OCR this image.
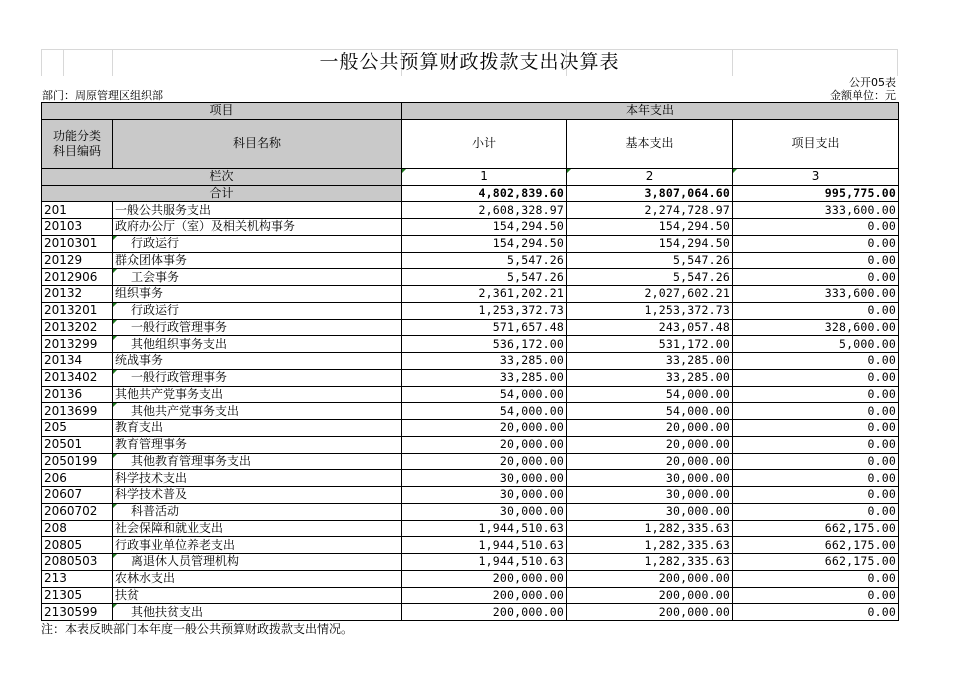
一般公共预算财政拨款支出决算表
公开05表
部门：周原管理区组织部	金额单位：元
项目		本年支出		
功能分类
科目编码	科目名称	小计	基本支出	项目支出
栏次		1	2	3
合计		4,802,839.60	3,807,064.60	995,775.00
201	一般公共服务支出	2,608,328.97	2,274,728.97	333,600.00
20103	政府办公厅（室）及相关机构事务	154,294.50	154,294.50	0.00
2010301	行政运行	154,294.50	154,294.50	0.00
20129	群众团体事务	5,547.26	5,547.26	0.00
2012906	工会事务	5,547.26	5,547.26	0.00
20132	组织事务	2,361,202.21	2,027,602.21	333,600.00
2013201	行政运行	1,253,372.73	1,253,372.73	0.00
2013202	一般行政管理事务	571,657.48	243,057.48	328,600.00
2013299	其他组织事务支出	536,172.00	531,172.00	5,000.00
20134	统战事务	33,285.00	33,285.00	0.00
2013402	一般行政管理事务	33,285.00	33,285.00	0.00
20136	其他共产党事务支出	54,000.00	54,000.00	0.00
2013699	其他共产党事务支出	54,000.00	54,000.00	0.00
205	教育支出	20,000.00	20,000.00	0.00
20501	教育管理事务	20,000.00	20,000.00	0.00
2050199	其他教育管理事务支出	20,000.00	20,000.00	0.00
206	科学技术支出	30,000.00	30,000.00	0.00
20607	科学技术普及	30,000.00	30,000.00	0.00
2060702	科普活动	30,000.00	30,000.00	0.00
208	社会保障和就业支出	1,944,510.63	1,282,335.63	662,175.00
20805	行政事业单位养老支出	1,944,510.63	1,282,335.63	662,175.00
2080503	离退休人员管理机构	1,944,510.63	1,282,335.63	662,175.00
213	农林水支出	200,000.00	200,000.00	0.00
21305	扶贫	200,000.00	200,000.00	0.00
2130599	其他扶贫支出	200,000.00	200,000.00	0.00
注：本表反映部门本年度一般公共预算财政拨款支出情况。
